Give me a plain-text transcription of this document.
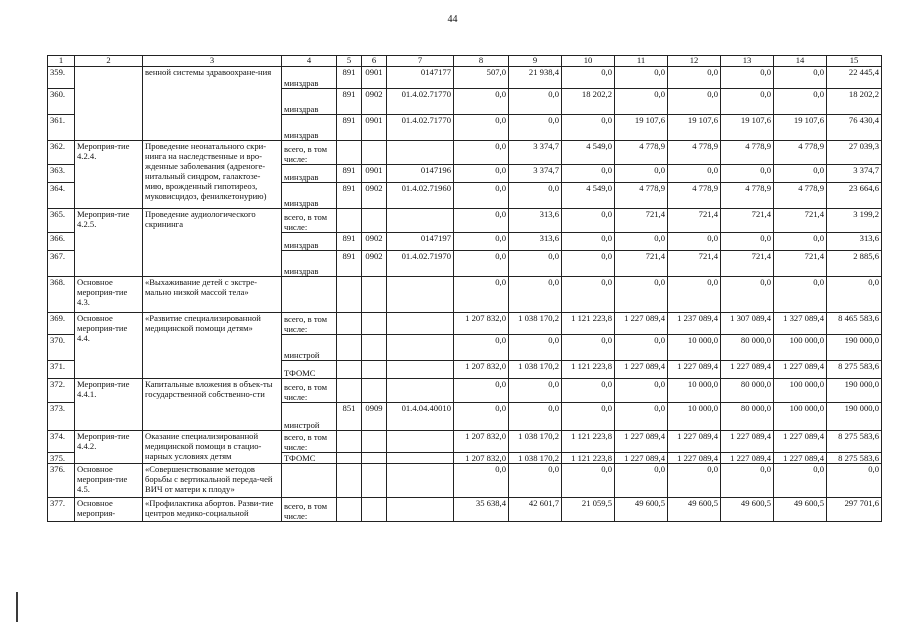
44
1	2	3	4	5	6	7	8	9	10	11	12	13	14	15
359.		венной системы здравоохране-ния	минздрав	891	0901	0147177	507,0	21 938,4	0,0	0,0	0,0	0,0	0,0	22 445,4
360.			минздрав	891	0902	01.4.02.71770	0,0	0,0	18 202,2	0,0	0,0	0,0	0,0	18 202,2
361.			минздрав	891	0901	01.4.02.71770	0,0	0,0	0,0	19 107,6	19 107,6	19 107,6	19 107,6	76 430,4
362.	Мероприя-тие 4.2.4.	Проведение неонатального скри-нинга на наследственные и вро-жденные заболевания (адреноге-нитальный синдром, галактозе-мию, врожденный гипотиреоз, муковисцидоз, фенилкетонурию)	всего, в том числе:				0,0	3 374,7	4 549,0	4 778,9	4 778,9	4 778,9	4 778,9	27 039,3
363.			минздрав	891	0901	0147196	0,0	3 374,7	0,0	0,0	0,0	0,0	0,0	3 374,7
364.			минздрав	891	0902	01.4.02.71960	0,0	0,0	4 549,0	4 778,9	4 778,9	4 778,9	4 778,9	23 664,6
365.	Мероприя-тие 4.2.5.	Проведение аудиологического скрининга	всего, в том числе:				0,0	313,6	0,0	721,4	721,4	721,4	721,4	3 199,2
366.			минздрав	891	0902	0147197	0,0	313,6	0,0	0,0	0,0	0,0	0,0	313,6
367.			минздрав	891	0902	01.4.02.71970	0,0	0,0	0,0	721,4	721,4	721,4	721,4	2 885,6
368.	Основное мероприя-тие 4.3.	«Выхаживание детей с экстре-мально низкой массой тела»					0,0	0,0	0,0	0,0	0,0	0,0	0,0	0,0
369.	Основное мероприя-тие 4.4.	«Развитие специализированной медицинской помощи детям»	всего, в том числе:				1 207 832,0	1 038 170,2	1 121 223,8	1 227 089,4	1 237 089,4	1 307 089,4	1 327 089,4	8 465 583,6
370.			минстрой				0,0	0,0	0,0	0,0	10 000,0	80 000,0	100 000,0	190 000,0
371.			ТФОМС				1 207 832,0	1 038 170,2	1 121 223,8	1 227 089,4	1 227 089,4	1 227 089,4	1 227 089,4	8 275 583,6
372.	Мероприя-тие 4.4.1.	Капитальные вложения в объек-ты государственной собственно-сти	всего, в том числе:				0,0	0,0	0,0	0,0	10 000,0	80 000,0	100 000,0	190 000,0
373.			минстрой	851	0909	01.4.04.40010	0,0	0,0	0,0	0,0	10 000,0	80 000,0	100 000,0	190 000,0
374.	Мероприя-тие 4.4.2.	Оказание специализированной медицинской помощи в стацио-нарных условиях детям	всего, в том числе:				1 207 832,0	1 038 170,2	1 121 223,8	1 227 089,4	1 227 089,4	1 227 089,4	1 227 089,4	8 275 583,6
375.			ТФОМС				1 207 832,0	1 038 170,2	1 121 223,8	1 227 089,4	1 227 089,4	1 227 089,4	1 227 089,4	8 275 583,6
376.	Основное мероприя-тие 4.5.	«Совершенствование методов борьбы с вертикальной переда-чей ВИЧ от матери к плоду»					0,0	0,0	0,0	0,0	0,0	0,0	0,0	0,0
377.	Основное мероприя-	«Профилактика абортов. Разви-тие центров медико-социальной	всего, в том числе:				35 638,4	42 601,7	21 059,5	49 600,5	49 600,5	49 600,5	49 600,5	297 701,6
